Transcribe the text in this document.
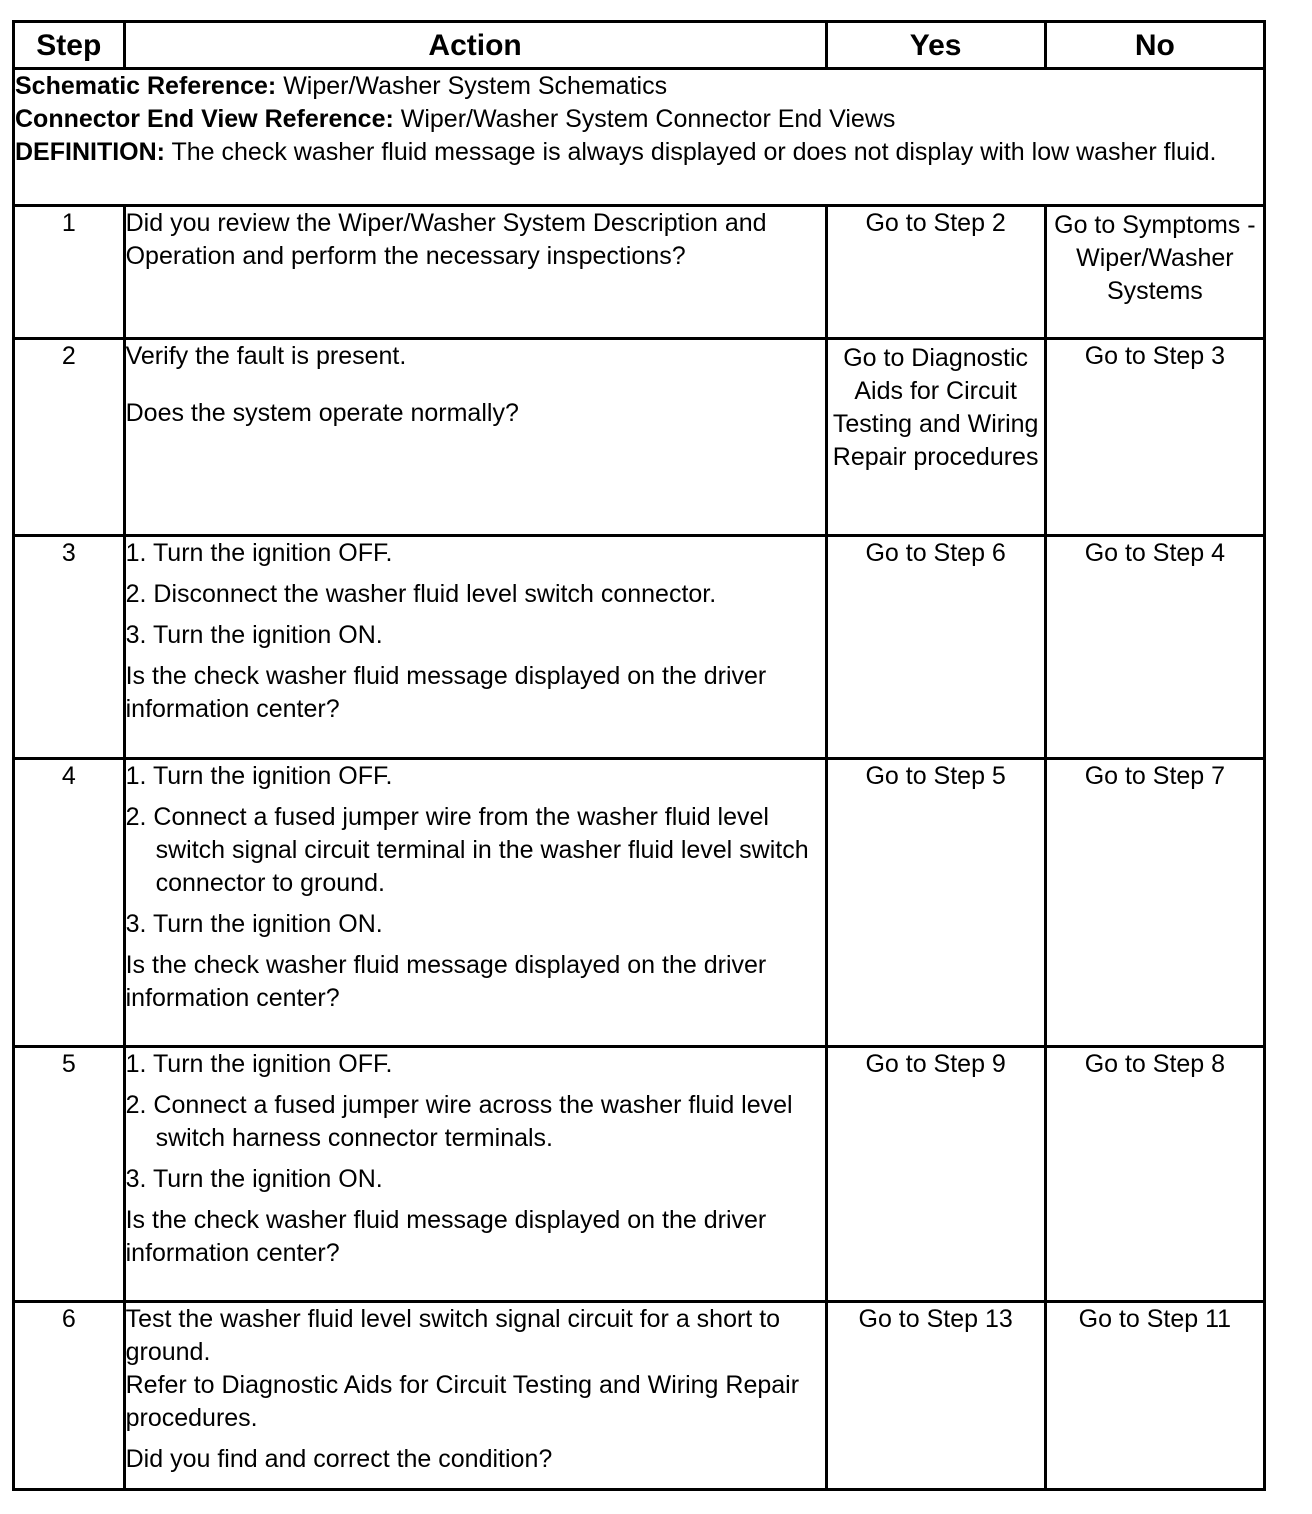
Step	Action	Yes	No

Schematic Reference: Wiper/Washer System Schematics
Connector End View Reference: Wiper/Washer System Connector End Views
DEFINITION: The check washer fluid message is always displayed or does not display with low washer fluid.			

1	Did you review the Wiper/Washer System Description and Operation and perform the necessary inspections?	Go to Step 2	Go to Symptoms - Wiper/Washer Systems
2	Verify the fault is present.
Does the system operate normally?	Go to Diagnostic Aids for Circuit Testing and Wiring Repair procedures	Go to Step 3
3	1. Turn the ignition OFF.
2. Disconnect the washer fluid level switch connector.
3. Turn the ignition ON.
Is the check washer fluid message displayed on the driver information center?	Go to Step 6	Go to Step 4
4	1. Turn the ignition OFF.
2. Connect a fused jumper wire from the washer fluid level switch signal circuit terminal in the washer fluid level switch connector to ground.
3. Turn the ignition ON.
Is the check washer fluid message displayed on the driver information center?	Go to Step 5	Go to Step 7
5	1. Turn the ignition OFF.
2. Connect a fused jumper wire across the washer fluid level switch harness connector terminals.
3. Turn the ignition ON.
Is the check washer fluid message displayed on the driver information center?	Go to Step 9	Go to Step 8
6	Test the washer fluid level switch signal circuit for a short to ground.
Refer to Diagnostic Aids for Circuit Testing and Wiring Repair procedures.
Did you find and correct the condition?	Go to Step 13	Go to Step 11
